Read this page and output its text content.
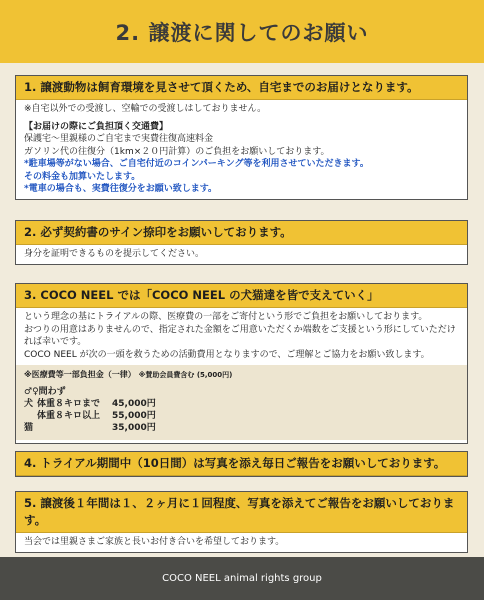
2. 譲渡に関してのお願い
1. 譲渡動物は飼育環境を見させて頂くため、自宅までのお届けとなります。

※自宅以外での受渡し、空輸での受渡しはしておりません。

【お届けの際にご負担頂く交通費】

保護宅～里親様のご自宅まで実費往復高速料金

ガソリン代の往復分（1km×２０円計算）のご負担をお願いしております。

*駐車場等がない場合、ご自宅付近のコインパーキング等を利用させていただきます。

その料金も加算いたします。

*電車の場合も、実費往復分をお願い致します。

2. 必ず契約書のサイン捺印をお願いしております。

身分を証明できるものを提示してください。

3. COCO NEEL では「COCO NEEL の犬猫達を皆で支えていく」

という理念の基にトライアルの際、医療費の一部をご寄付という形でご負担をお願いしております。

おつりの用意はありませんので、指定された金額をご用意いただくか端数をご支援という形にしていただければ幸いです。

COCO NEEL が次の一頭を救うための活動費用となりますので、ご理解とご協力をお願い致します。

※医療費等一部負担金（一律） ※賛助会員費含む (5,000円)

♂♀問わず		
犬	体重８キロまで	45,000円
	体重８キロ以上	55,000円
猫		35,000円
4. トライアル期間中（10日間）は写真を添え毎日ご報告をお願いしております。
5. 譲渡後１年間は１、２ヶ月に１回程度、写真を添えてご報告をお願いしております。

当会では里親さまご家族と長いお付き合いを希望しております。

COCO NEEL animal rights group
